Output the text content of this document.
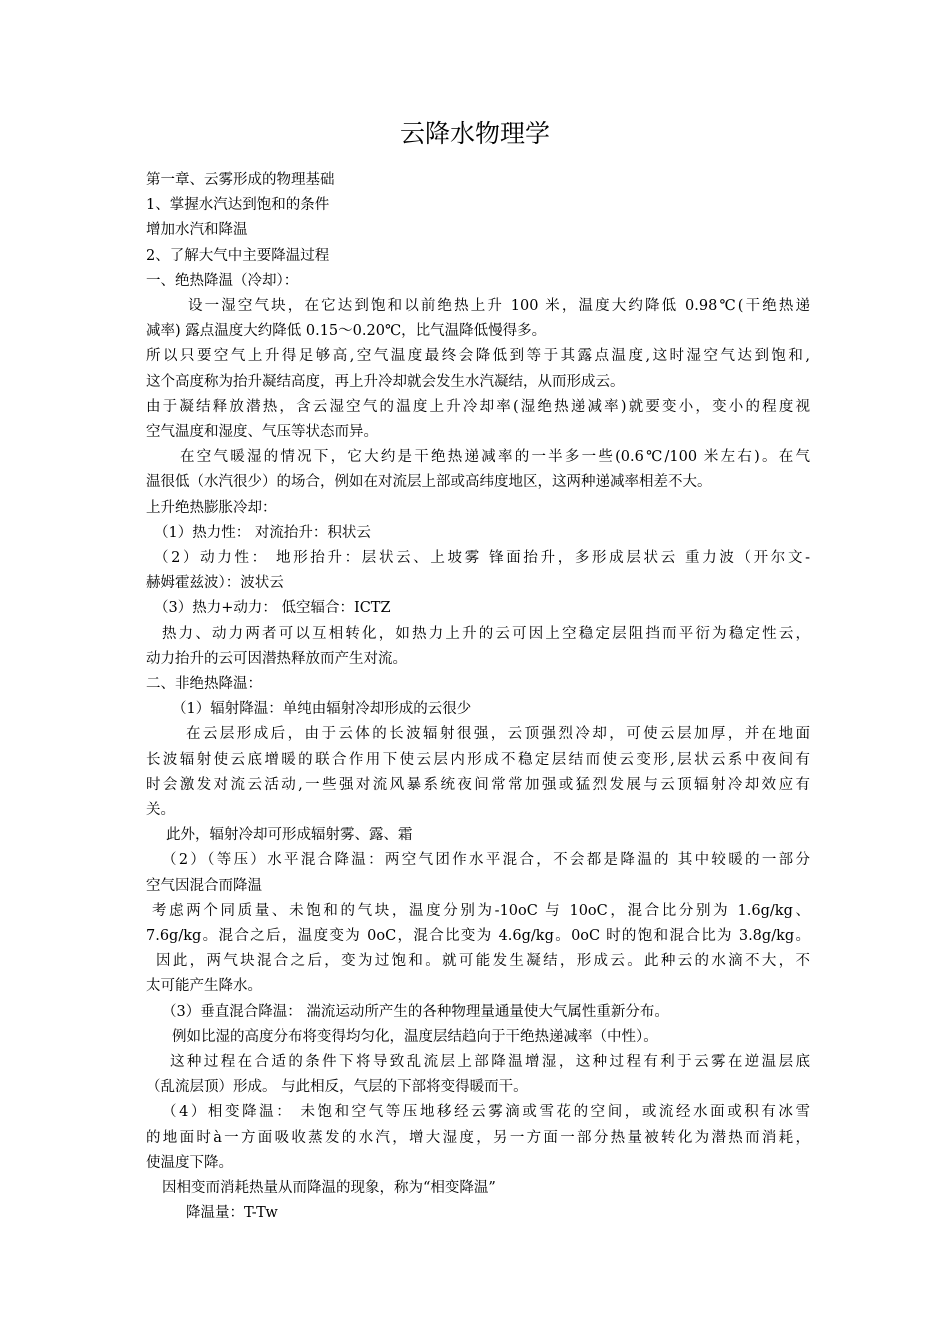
云降水物理学
第一章、云雾形成的物理基础
1、掌握水汽达到饱和的条件
增加水汽和降温
2、了解大气中主要降温过程
一、绝热降温（冷却）：
设一湿空气块，在它达到饱和以前绝热上升 100 米，温度大约降低 0.98℃(干绝热递
减率) 露点温度大约降低 0.15～0.20℃，比气温降低慢得多。
所以只要空气上升得足够高,空气温度最终会降低到等于其露点温度,这时湿空气达到饱和,
这个高度称为抬升凝结高度，再上升冷却就会发生水汽凝结，从而形成云。
由于凝结释放潜热，含云湿空气的温度上升冷却率(湿绝热递减率)就要变小，变小的程度视
空气温度和湿度、气压等状态而异。
在空气暖湿的情况下，它大约是干绝热递减率的一半多一些(0.6℃/100 米左右)。在气
温很低（水汽很少）的场合，例如在对流层上部或高纬度地区，这两种递减率相差不大。
上升绝热膨胀冷却：
（1）热力性： 对流抬升：积状云
（2）动力性： 地形抬升：层状云、上坡雾 锋面抬升，多形成层状云 重力波（开尔文-
赫姆霍兹波）：波状云
（3）热力+动力： 低空辐合：ICTZ
热力、动力两者可以互相转化，如热力上升的云可因上空稳定层阻挡而平衍为稳定性云，
动力抬升的云可因潜热释放而产生对流。
二、非绝热降温：
（1）辐射降温：单纯由辐射冷却形成的云很少
在云层形成后，由于云体的长波辐射很强，云顶强烈冷却，可使云层加厚，并在地面
长波辐射使云底增暖的联合作用下使云层内形成不稳定层结而使云变形,层状云系中夜间有
时会激发对流云活动,一些强对流风暴系统夜间常常加强或猛烈发展与云顶辐射冷却效应有
关。
此外，辐射冷却可形成辐射雾、露、霜
（2）（等压）水平混合降温：两空气团作水平混合，不会都是降温的 其中较暖的一部分
空气因混合而降温
考虑两个同质量、未饱和的气块，温度分别为-10oC 与 10oC，混合比分别为 1.6g/kg、
7.6g/kg。混合之后，温度变为 0oC，混合比变为 4.6g/kg。0oC 时的饱和混合比为 3.8g/kg。
因此，两气块混合之后，变为过饱和。就可能发生凝结，形成云。此种云的水滴不大，不
太可能产生降水。
（3）垂直混合降温： 湍流运动所产生的各种物理量通量使大气属性重新分布。
例如比湿的高度分布将变得均匀化，温度层结趋向于干绝热递减率（中性）。
这种过程在合适的条件下将导致乱流层上部降温增湿，这种过程有利于云雾在逆温层底
（乱流层顶）形成。 与此相反，气层的下部将变得暖而干。
（4）相变降温： 未饱和空气等压地移经云雾滴或雪花的空间，或流经水面或积有冰雪
的地面时à一方面吸收蒸发的水汽，增大湿度，另一方面一部分热量被转化为潜热而消耗，
使温度下降。
因相变而消耗热量从而降温的现象，称为“相变降温”
降温量：T-Tw
